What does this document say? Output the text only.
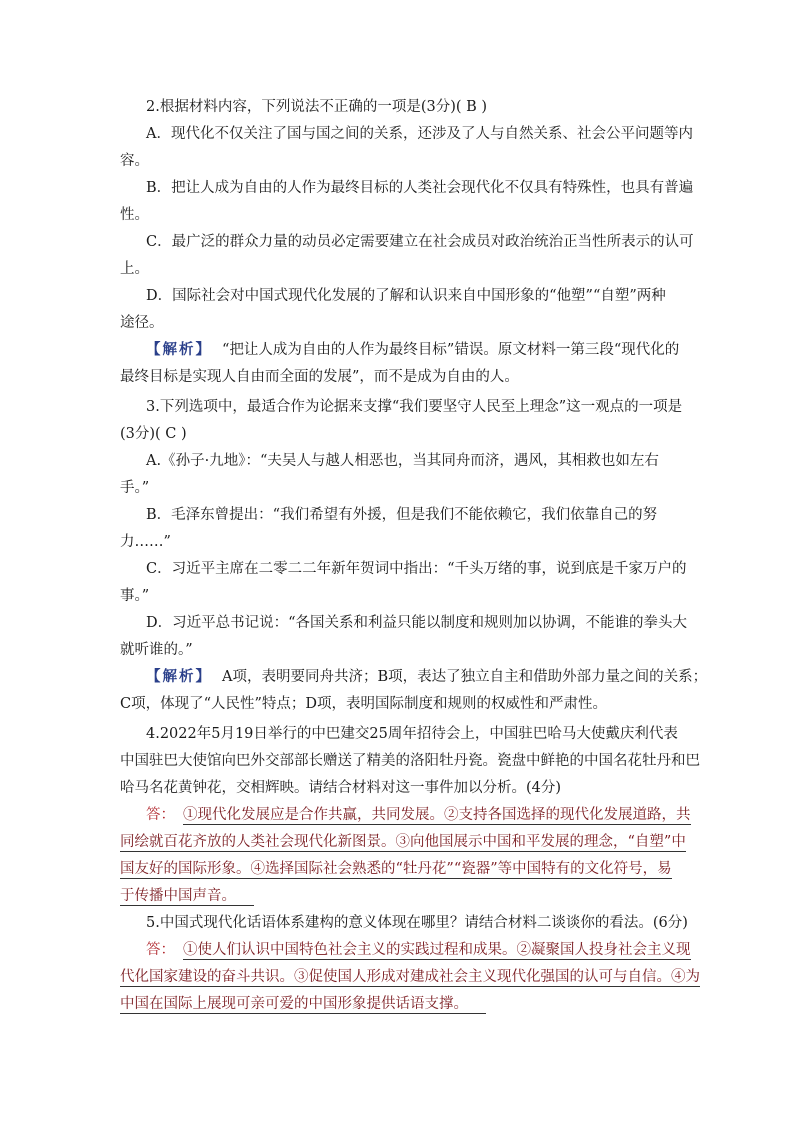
2.根据材料内容，下列说法不正确的一项是(3分)( B )
A．现代化不仅关注了国与国之间的关系，还涉及了人与自然关系、社会公平问题等内
容。
B．把让人成为自由的人作为最终目标的人类社会现代化不仅具有特殊性，也具有普遍
性。
C．最广泛的群众力量的动员必定需要建立在社会成员对政治统治正当性所表示的认可
上。
D．国际社会对中国式现代化发展的了解和认识来自中国形象的“他塑”“自塑”两种
途径。
【解析】 “把让人成为自由的人作为最终目标”错误。原文材料一第三段“现代化的
最终目标是实现人自由而全面的发展”，而不是成为自由的人。
3.下列选项中，最适合作为论据来支撑“我们要坚守人民至上理念”这一观点的一项是
(3分)( C )
A.《孙子·九地》：“夫吴人与越人相恶也，当其同舟而济，遇风，其相救也如左右
手。”
B．毛泽东曾提出：“我们希望有外援，但是我们不能依赖它，我们依靠自己的努
力……”
C．习近平主席在二零二二年新年贺词中指出：“千头万绪的事，说到底是千家万户的
事。”
D．习近平总书记说：“各国关系和利益只能以制度和规则加以协调，不能谁的拳头大
就听谁的。”
【解析】 A项，表明要同舟共济；B项，表达了独立自主和借助外部力量之间的关系；
C项，体现了“人民性”特点；D项，表明国际制度和规则的权威性和严肃性。
4.2022年5月19日举行的中巴建交25周年招待会上，中国驻巴哈马大使戴庆利代表
中国驻巴大使馆向巴外交部部长赠送了精美的洛阳牡丹瓷。瓷盘中鲜艳的中国名花牡丹和巴
哈马名花黄钟花，交相辉映。请结合材料对这一事件加以分析。(4分)
答： ①现代化发展应是合作共赢，共同发展。②支持各国选择的现代化发展道路，共
同绘就百花齐放的人类社会现代化新图景。③向他国展示中国和平发展的理念，“自塑”中
国友好的国际形象。④选择国际社会熟悉的“牡丹花”“瓷器”等中国特有的文化符号，易
于传播中国声音。
5.中国式现代化话语体系建构的意义体现在哪里？请结合材料二谈谈你的看法。(6分)
答： ①使人们认识中国特色社会主义的实践过程和成果。②凝聚国人投身社会主义现
代化国家建设的奋斗共识。③促使国人形成对建成社会主义现代化强国的认可与自信。④为
中国在国际上展现可亲可爱的中国形象提供话语支撑。
